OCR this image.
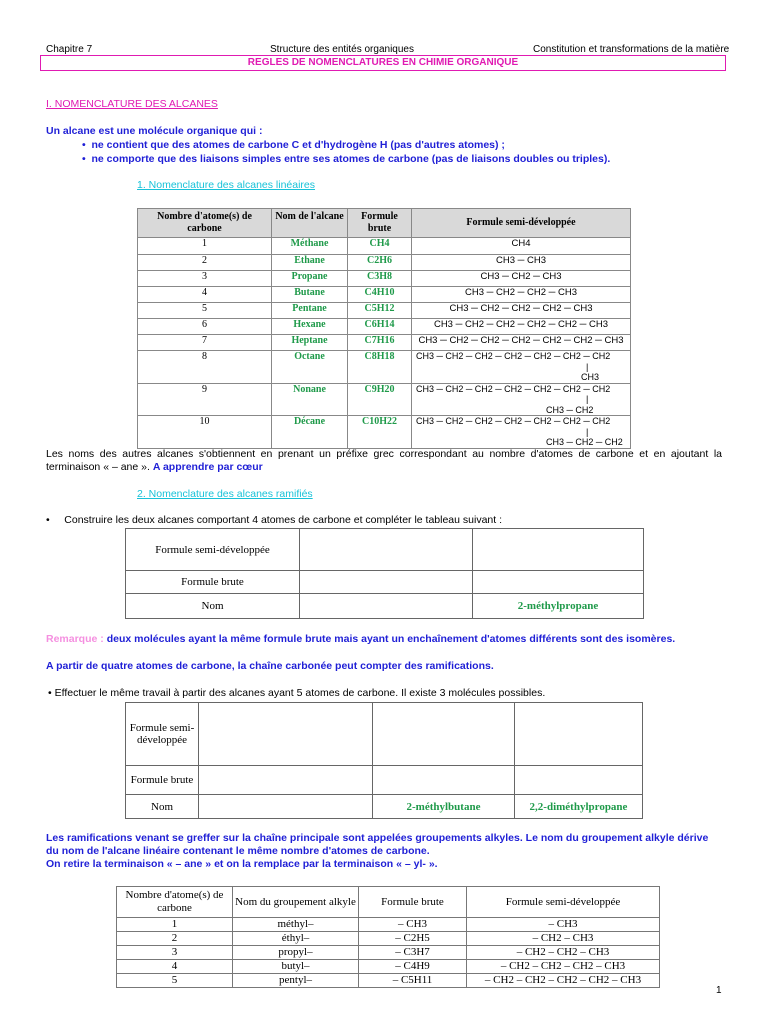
Chapitre 7	Structure des entités organiques	Constitution et transformations de la matière
REGLES DE NOMENCLATURES EN CHIMIE ORGANIQUE
I. NOMENCLATURE DES ALCANES
Un alcane est une molécule organique qui :
•  ne contient que des atomes de carbone C et d'hydrogène H (pas d'autres atomes) ;
•  ne comporte que des liaisons simples entre ses atomes de carbone (pas de liaisons doubles ou triples).
1. Nomenclature des alcanes linéaires
Nombre d'atome(s) de carbone	Nom de l'alcane	Formule brute	Formule semi-développée
1	Méthane	CH4	CH4
2	Ethane	C2H6	CH3 ─ CH3
3	Propane	C3H8	CH3 ─ CH2 ─ CH3
4	Butane	C4H10	CH3 ─ CH2 ─ CH2 ─ CH3
5	Pentane	C5H12	CH3 ─ CH2 ─ CH2 ─ CH2 ─ CH3
6	Hexane	C6H14	CH3 ─ CH2 ─ CH2 ─ CH2 ─ CH2 ─ CH3
7	Heptane	C7H16	CH3 ─ CH2 ─ CH2 ─ CH2 ─ CH2 ─ CH2 ─ CH3
8	Octane	C8H18	CH3 ─ CH2 ─ CH2 ─ CH2 ─ CH2 ─ CH2 ─ CH2
|
CH3
9	Nonane	C9H20	CH3 ─ CH2 ─ CH2 ─ CH2 ─ CH2 ─ CH2 ─ CH2
|
CH3 ─ CH2
10	Décane	C10H22	CH3 ─ CH2 ─ CH2 ─ CH2 ─ CH2 ─ CH2 ─ CH2
|
CH3 ─ CH2 ─ CH2
Les noms des autres alcanes s'obtiennent en prenant un préfixe grec correspondant au nombre d'atomes de carbone et en ajoutant la terminaison « – ane ». A apprendre par cœur
2. Nomenclature des alcanes ramifiés
•     Construire les deux alcanes comportant 4 atomes de carbone et compléter le tableau suivant :
Formule semi-développée		
Formule brute		
Nom		2-méthylpropane
Remarque : deux molécules ayant la même formule brute mais ayant un enchaînement d'atomes différents sont des isomères.
A partir de quatre atomes de carbone, la chaîne carbonée peut compter des ramifications.
• Effectuer le même travail à partir des alcanes ayant 5 atomes de carbone. Il existe 3 molécules possibles.
Formule semi-développée			
Formule brute			
Nom		2-méthylbutane	2,2-diméthylpropane
Les ramifications venant se greffer sur la chaîne principale sont appelées groupements alkyles. Le nom du groupement alkyle dérive du nom de l'alcane linéaire contenant le même nombre d'atomes de carbone.
On retire la terminaison « – ane » et on la remplace par la terminaison « – yl- ».
Nombre d'atome(s) de carbone	Nom du groupement alkyle	Formule brute	Formule semi-développée
1	méthyl–	– CH3	– CH3
2	éthyl–	– C2H5	– CH2 – CH3
3	propyl–	– C3H7	– CH2 – CH2 – CH3
4	butyl–	– C4H9	– CH2 – CH2 – CH2 – CH3
5	pentyl–	– C5H11	– CH2 – CH2 – CH2 – CH2 – CH3
1
